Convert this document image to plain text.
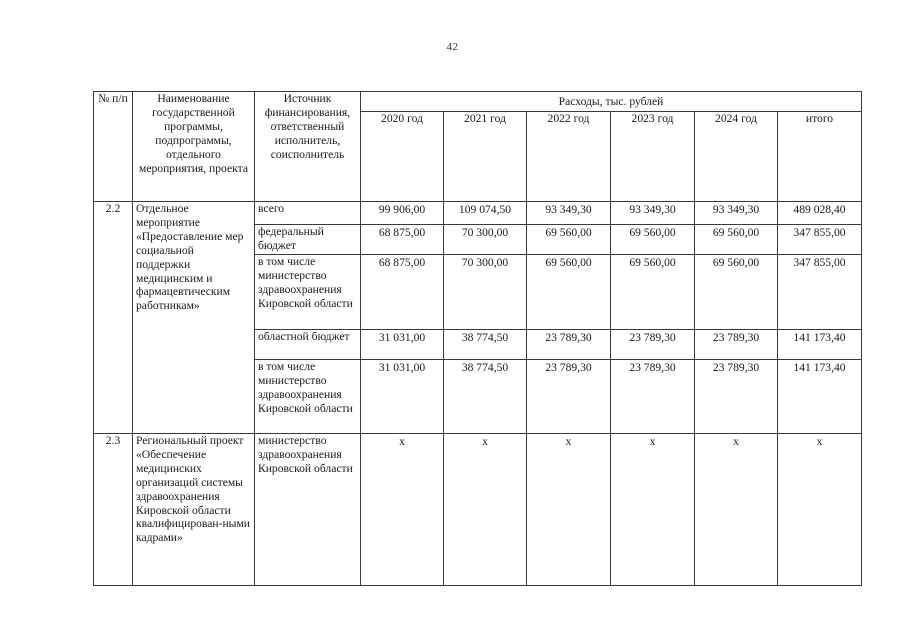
42
№ п/п	Наименование государственной программы, подпрограммы, отдельного мероприятия, проекта	Источник финансирования, ответственный исполнитель, соисполнитель	Расходы, тыс. рублей					
			2020 год	2021 год	2022 год	2023 год	2024 год	итого
2.2	Отдельное мероприятие «Предоставление мер социальной поддержки медицинским и фармацевтическим работникам»	всего	99 906,00	109 074,50	93 349,30	93 349,30	93 349,30	489 028,40
		федеральный бюджет	68 875,00	70 300,00	69 560,00	69 560,00	69 560,00	347 855,00
		в том числе министерство здравоохранения Кировской области	68 875,00	70 300,00	69 560,00	69 560,00	69 560,00	347 855,00
		областной бюджет	31 031,00	38 774,50	23 789,30	23 789,30	23 789,30	141 173,40
		в том числе министерство здравоохранения Кировской области	31 031,00	38 774,50	23 789,30	23 789,30	23 789,30	141 173,40
2.3	Региональный проект «Обеспечение медицинских организаций системы здравоохранения Кировской области квалифицирован-ными кадрами»	министерство здравоохранения Кировской области	x	x	x	x	x	x
